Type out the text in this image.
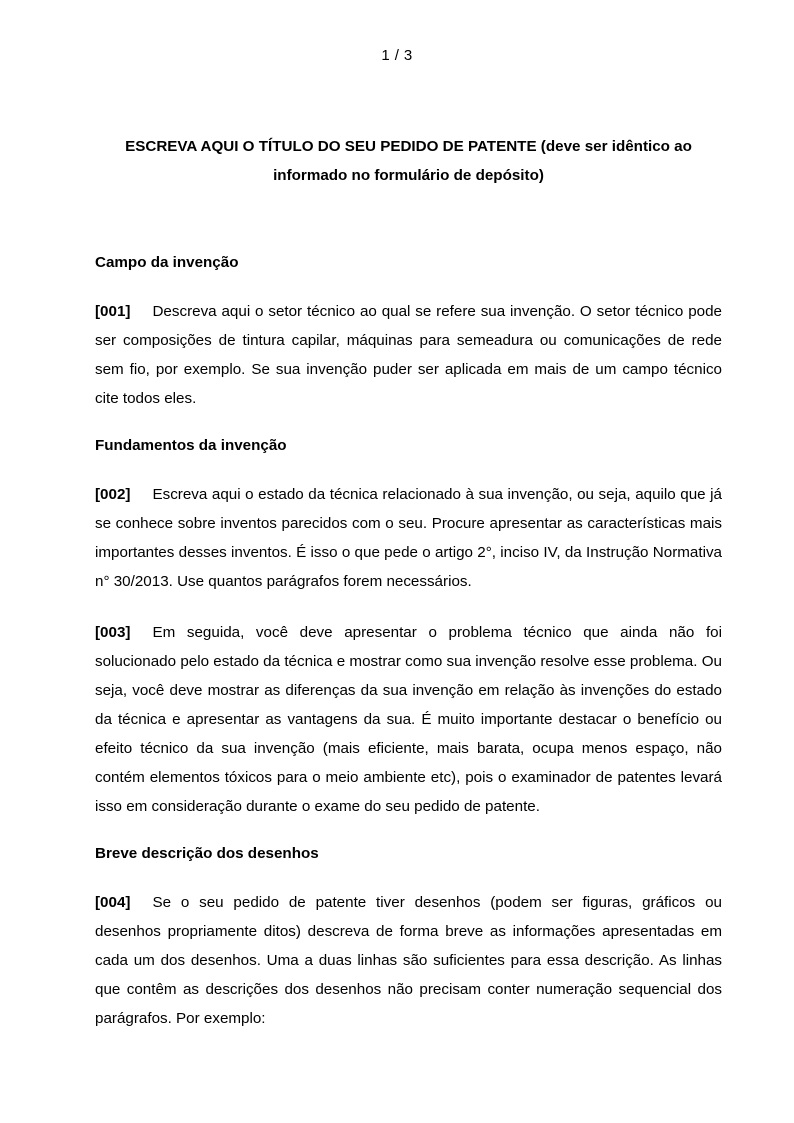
1 / 3
ESCREVA AQUI O TÍTULO DO SEU PEDIDO DE PATENTE (deve ser idêntico ao informado no formulário de depósito)
Campo da invenção

[001] Descreva aqui o setor técnico ao qual se refere sua invenção. O setor técnico pode ser composições de tintura capilar, máquinas para semeadura ou comunicações de rede sem fio, por exemplo. Se sua invenção puder ser aplicada em mais de um campo técnico cite todos eles.

Fundamentos da invenção

[002] Escreva aqui o estado da técnica relacionado à sua invenção, ou seja, aquilo que já se conhece sobre inventos parecidos com o seu. Procure apresentar as características mais importantes desses inventos. É isso o que pede o artigo 2°, inciso IV, da Instrução Normativa n° 30/2013. Use quantos parágrafos forem necessários.

[003] Em seguida, você deve apresentar o problema técnico que ainda não foi solucionado pelo estado da técnica e mostrar como sua invenção resolve esse problema. Ou seja, você deve mostrar as diferenças da sua invenção em relação às invenções do estado da técnica e apresentar as vantagens da sua. É muito importante destacar o benefício ou efeito técnico da sua invenção (mais eficiente, mais barata, ocupa menos espaço, não contém elementos tóxicos para o meio ambiente etc), pois o examinador de patentes levará isso em consideração durante o exame do seu pedido de patente.

Breve descrição dos desenhos

[004] Se o seu pedido de patente tiver desenhos (podem ser figuras, gráficos ou desenhos propriamente ditos) descreva de forma breve as informações apresentadas em cada um dos desenhos. Uma a duas linhas são suficientes para essa descrição. As linhas que contêm as descrições dos desenhos não precisam conter numeração sequencial dos parágrafos. Por exemplo:
